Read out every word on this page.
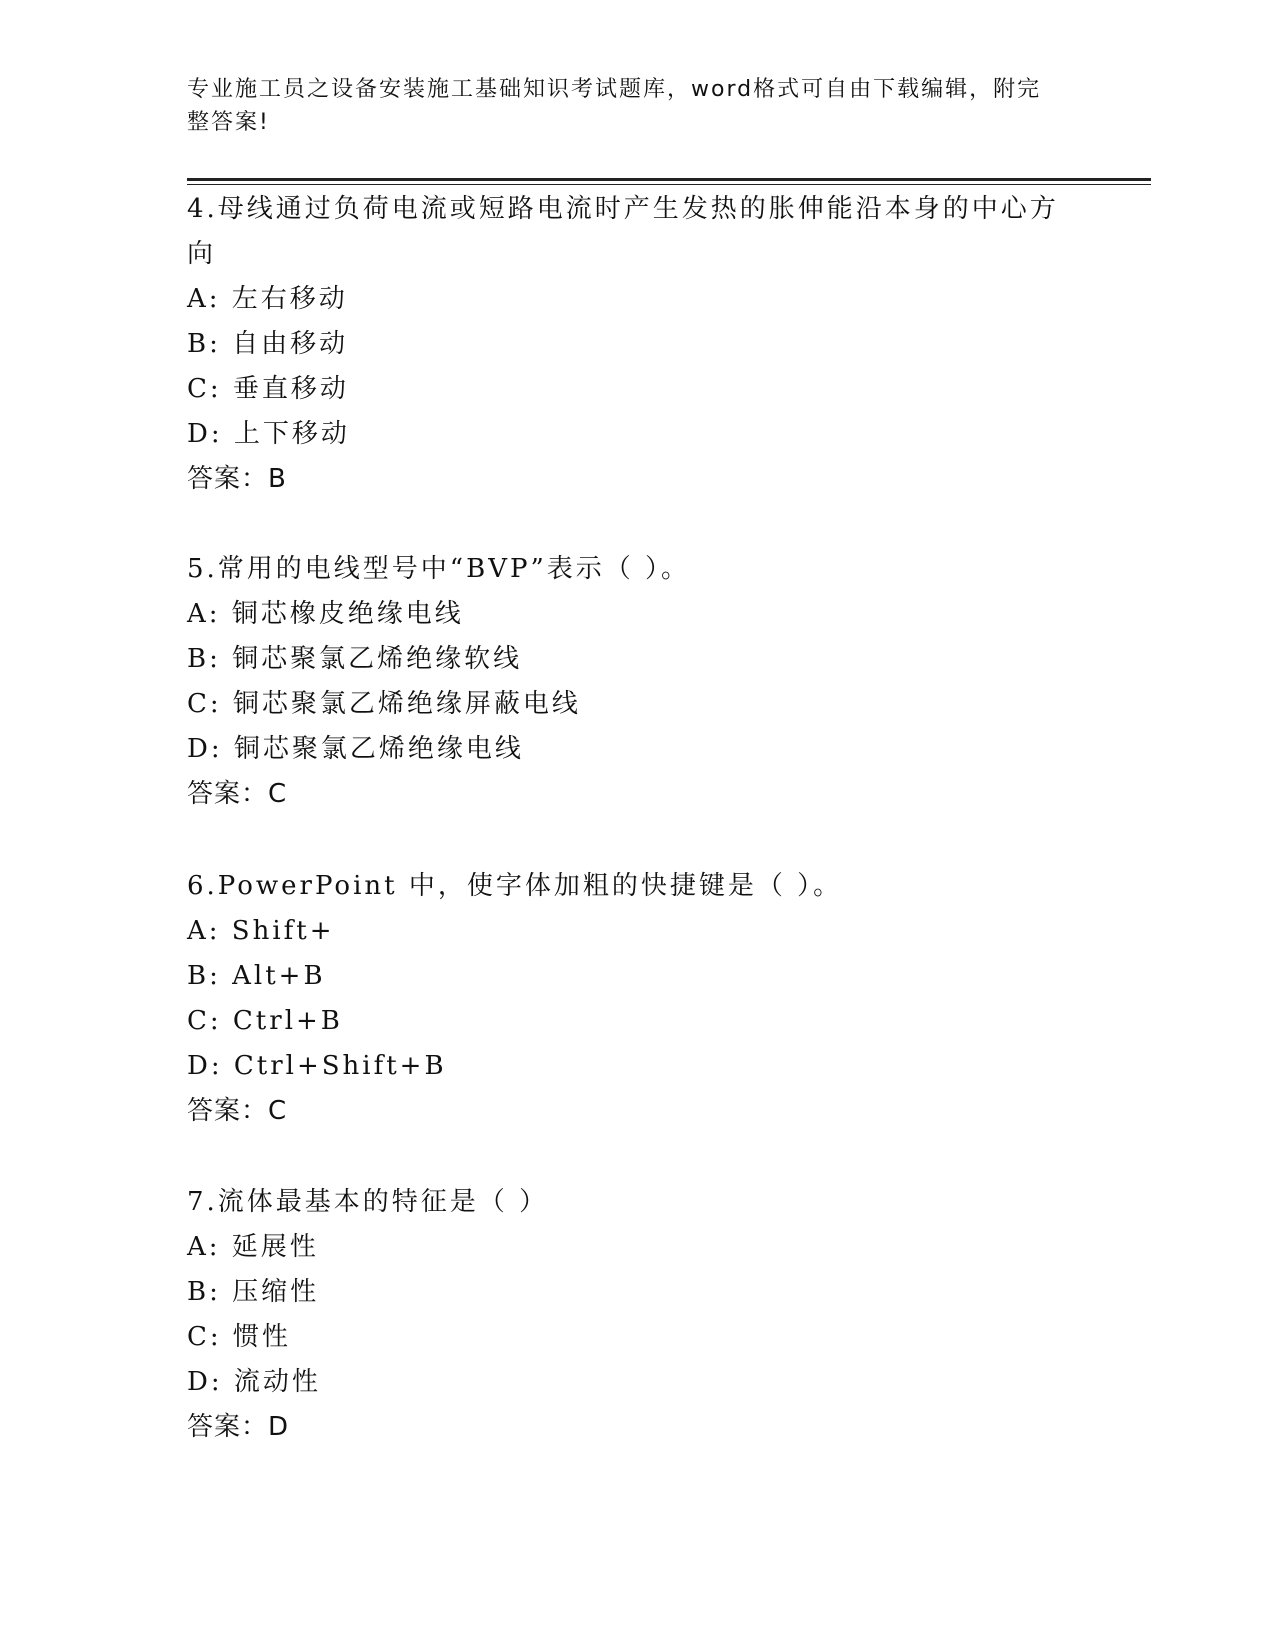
专业施工员之设备安装施工基础知识考试题库，word格式可自由下载编辑，附完
整答案!
4.母线通过负荷电流或短路电流时产生发热的胀伸能沿本身的中心方
向
A: 左右移动
B: 自由移动
C: 垂直移动
D: 上下移动
答案：B
5.常用的电线型号中“BVP”表示（ ）。
A: 铜芯橡皮绝缘电线
B: 铜芯聚氯乙烯绝缘软线
C: 铜芯聚氯乙烯绝缘屏蔽电线
D: 铜芯聚氯乙烯绝缘电线
答案：C
6.PowerPoint 中，使字体加粗的快捷键是（ ）。
A: Shift+
B: Alt+B
C: Ctrl+B
D: Ctrl+Shift+B
答案：C
7.流体最基本的特征是（ ）
A: 延展性
B: 压缩性
C: 惯性
D: 流动性
答案：D
